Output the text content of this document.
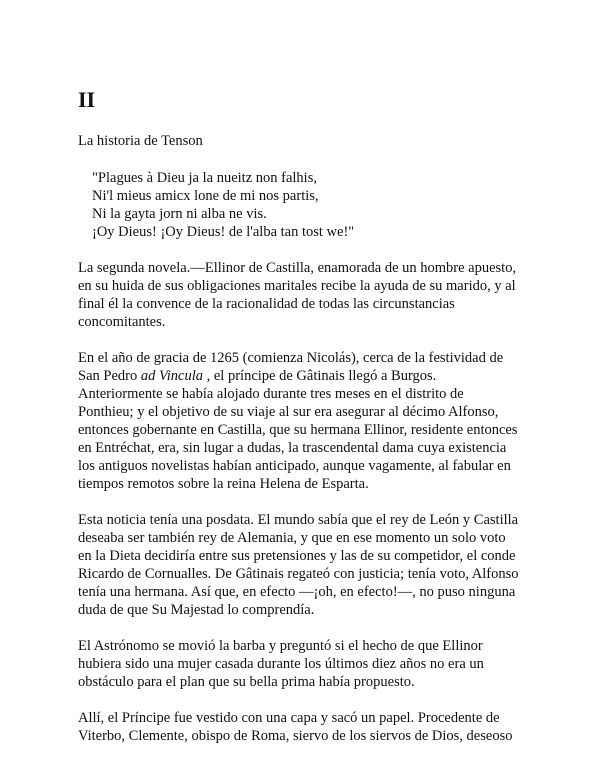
II

La historia de Tenson

"Plagues à Dieu ja la nueitz non falhis,
Ni'l mieus amicx lone de mi nos partis,
Ni la gayta jorn ni alba ne vis.
¡Oy Dieus! ¡Oy Dieus! de l'alba tan tost we!"

La segunda novela.—Ellinor de Castilla, enamorada de un hombre apuesto,
en su huida de sus obligaciones maritales recibe la ayuda de su marido, y al
final él la convence de la racionalidad de todas las circunstancias
concomitantes.

En el año de gracia de 1265 (comienza Nicolás), cerca de la festividad de
San Pedro ad Vincula , el príncipe de Gâtinais llegó a Burgos.
Anteriormente se había alojado durante tres meses en el distrito de
Ponthieu; y el objetivo de su viaje al sur era asegurar al décimo Alfonso,
entonces gobernante en Castilla, que su hermana Ellinor, residente entonces
en Entréchat, era, sin lugar a dudas, la trascendental dama cuya existencia
los antiguos novelistas habían anticipado, aunque vagamente, al fabular en
tiempos remotos sobre la reina Helena de Esparta.

Esta noticia tenía una posdata. El mundo sabía que el rey de León y Castilla
deseaba ser también rey de Alemania, y que en ese momento un solo voto
en la Dieta decidiría entre sus pretensiones y las de su competidor, el conde
Ricardo de Cornualles. De Gâtinais regateó con justicia; tenía voto, Alfonso
tenía una hermana. Así que, en efecto —¡oh, en efecto!—, no puso ninguna
duda de que Su Majestad lo comprendía.

El Astrónomo se movió la barba y preguntó si el hecho de que Ellinor
hubiera sido una mujer casada durante los últimos diez años no era un
obstáculo para el plan que su bella prima había propuesto.

Allí, el Príncipe fue vestido con una capa y sacó un papel. Procedente de
Viterbo, Clemente, obispo de Roma, siervo de los siervos de Dios, deseoso
